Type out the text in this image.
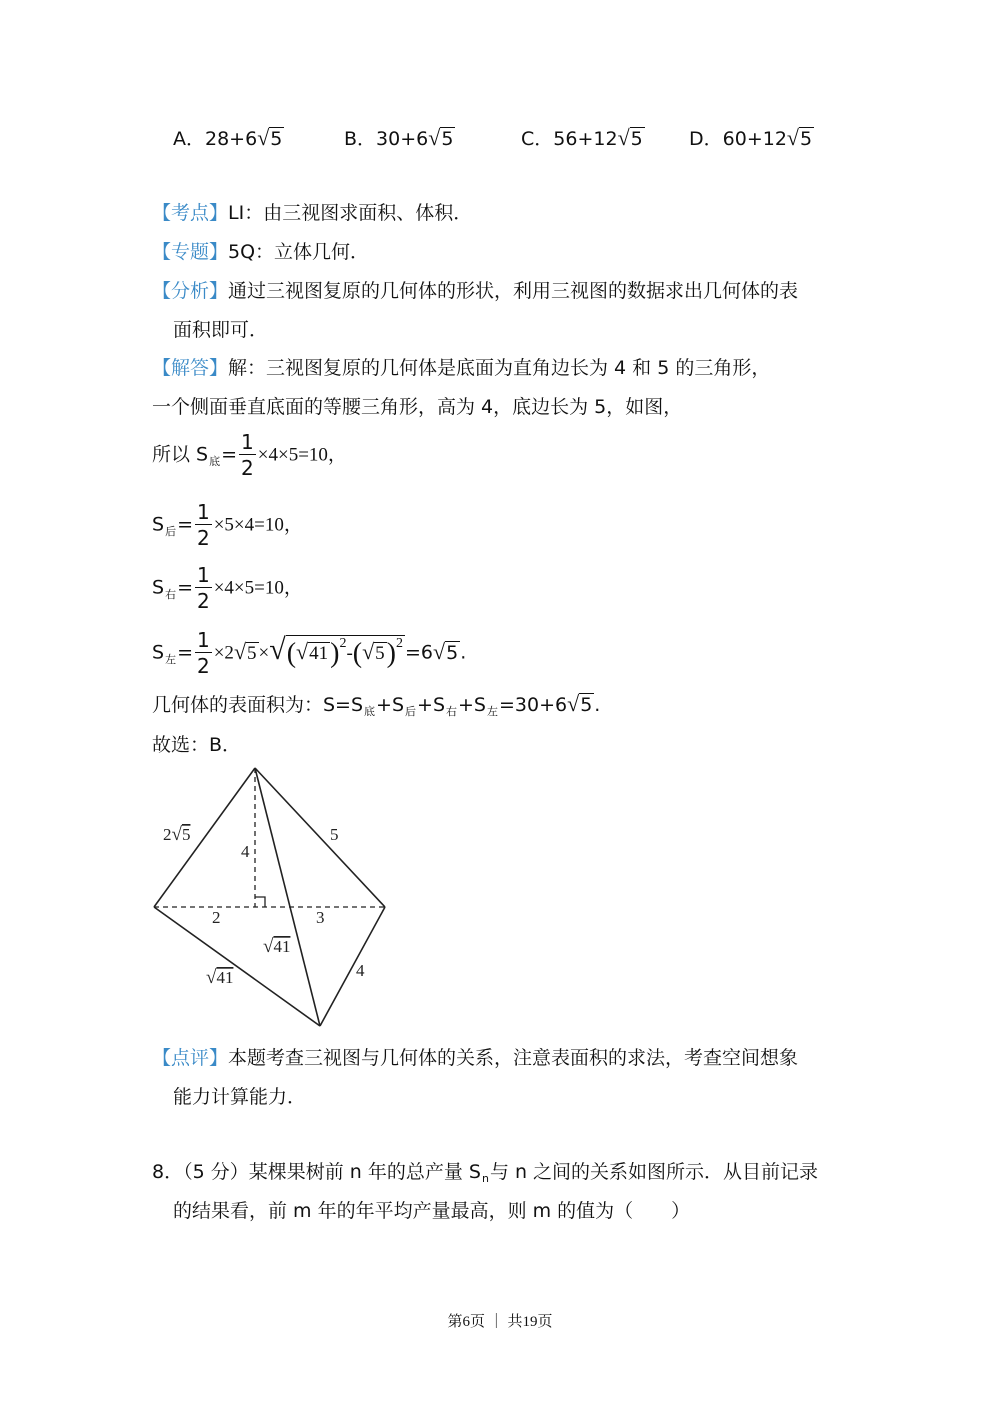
A．28+6√5	B．30+6√5	C．56+12√5 D．60+12√5
【考点】LI：由三视图求面积、体积．
【专题】5Q：立体几何．
【分析】通过三视图复原的几何体的形状，利用三视图的数据求出几何体的表
面积即可．
【解答】解：三视图复原的几何体是底面为直角边长为 4 和 5 的三角形，
一个侧面垂直底面的等腰三角形，高为 4，底边长为 5，如图，
所以 $S_底= \frac{1}{2} \times 4\times 5=10$，
$S_后= \frac{1}{2} \times 5\times 4=10$，
$S_右= \frac{1}{2} \times 4\times 5=10$，
$S_左= \frac{1}{2} \times 2√5 \times√(√41)^2-(√5)^2 =6√5$ .
几何体的表面积为：$S=S_底+S_后+S_右+S_左=30+6√5$ .
故选：B．
2√5	5
4
2	3
√41
√41	4
【点评】本题考查三视图与几何体的关系，注意表面积的求法，考查空间想象
能力计算能力．
8．（5 分）某棵果树前 n 年的总产量 $S_n$与 n 之间的关系如图所示．从目前记录
的结果看，前 m 年的年平均产量最高，则 m 的值为（　　）
第6页 ｜ 共19页
